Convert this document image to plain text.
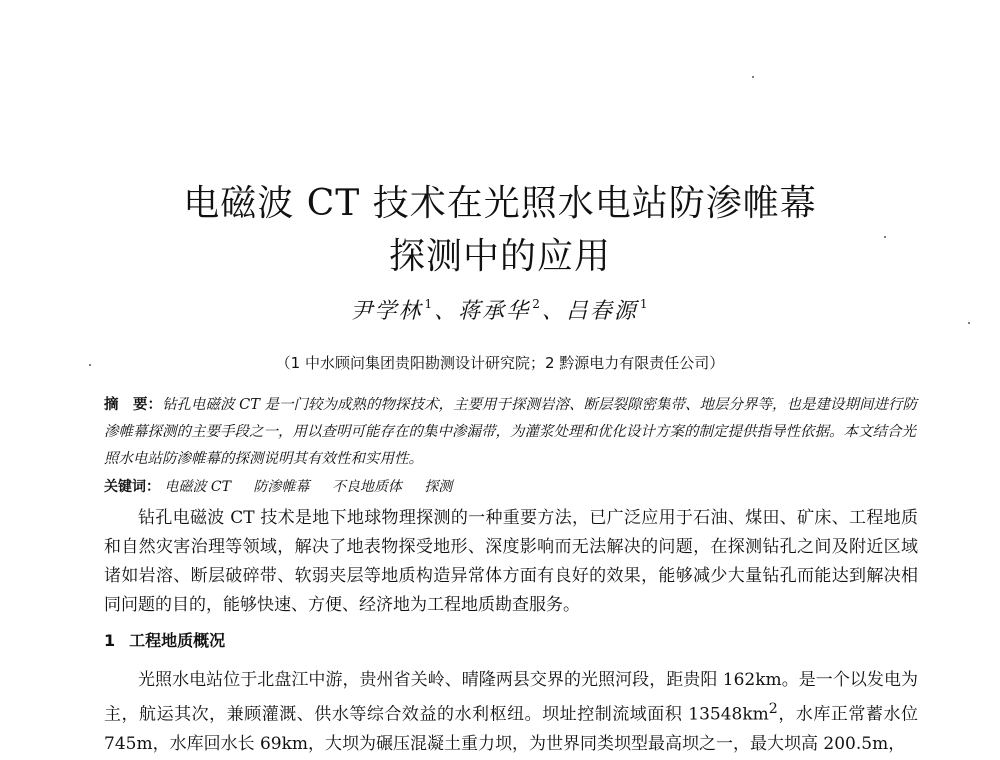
电磁波 CT 技术在光照水电站防渗帷幕
探测中的应用
尹学林 $^1$、蒋承华 $^2$、吕春源 $^1$
（1 中水顾问集团贵阳勘测设计研究院；2 黔源电力有限责任公司）
摘　要：钻孔电磁波 CT 是一门较为成熟的物探技术，主要用于探测岩溶、断层裂隙密集带、地层分界等，也是建设期间进行防渗帷幕探测的主要手段之一，用以查明可能存在的集中渗漏带，为灌浆处理和优化设计方案的制定提供指导性依据。本文结合光照水电站防渗帷幕的探测说明其有效性和实用性。
关键词： 电磁波 CT 防渗帷幕 不良地质体 探测
钻孔电磁波 CT 技术是地下地球物理探测的一种重要方法，已广泛应用于石油、煤田、矿床、工程地质和自然灾害治理等领域，解决了地表物探受地形、深度影响而无法解决的问题，在探测钻孔之间及附近区域诸如岩溶、断层破碎带、软弱夹层等地质构造异常体方面有良好的效果，能够减少大量钻孔而能达到解决相同问题的目的，能够快速、方便、经济地为工程地质勘查服务。
1 工程地质概况
光照水电站位于北盘江中游，贵州省关岭、晴隆两县交界的光照河段，距贵阳 162km。是一个以发电为主，航运其次，兼顾灌溉、供水等综合效益的水利枢纽。坝址控制流域面积 $13548km^2$，水库正常蓄水位 745m，水库回水长 69km，大坝为碾压混凝土重力坝，为世界同类坝型最高坝之一，最大坝高 200.5m，
